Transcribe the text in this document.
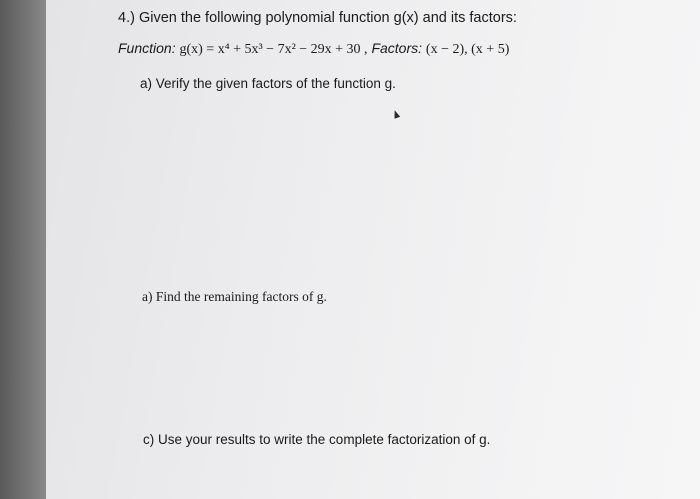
4.) Given the following polynomial function g(x) and its factors:
Function: g(x) = x⁴ + 5x³ − 7x² − 29x + 30 , Factors: (x − 2), (x + 5)
a) Verify the given factors of the function g.
a) Find the remaining factors of g.
c) Use your results to write the complete factorization of g.
